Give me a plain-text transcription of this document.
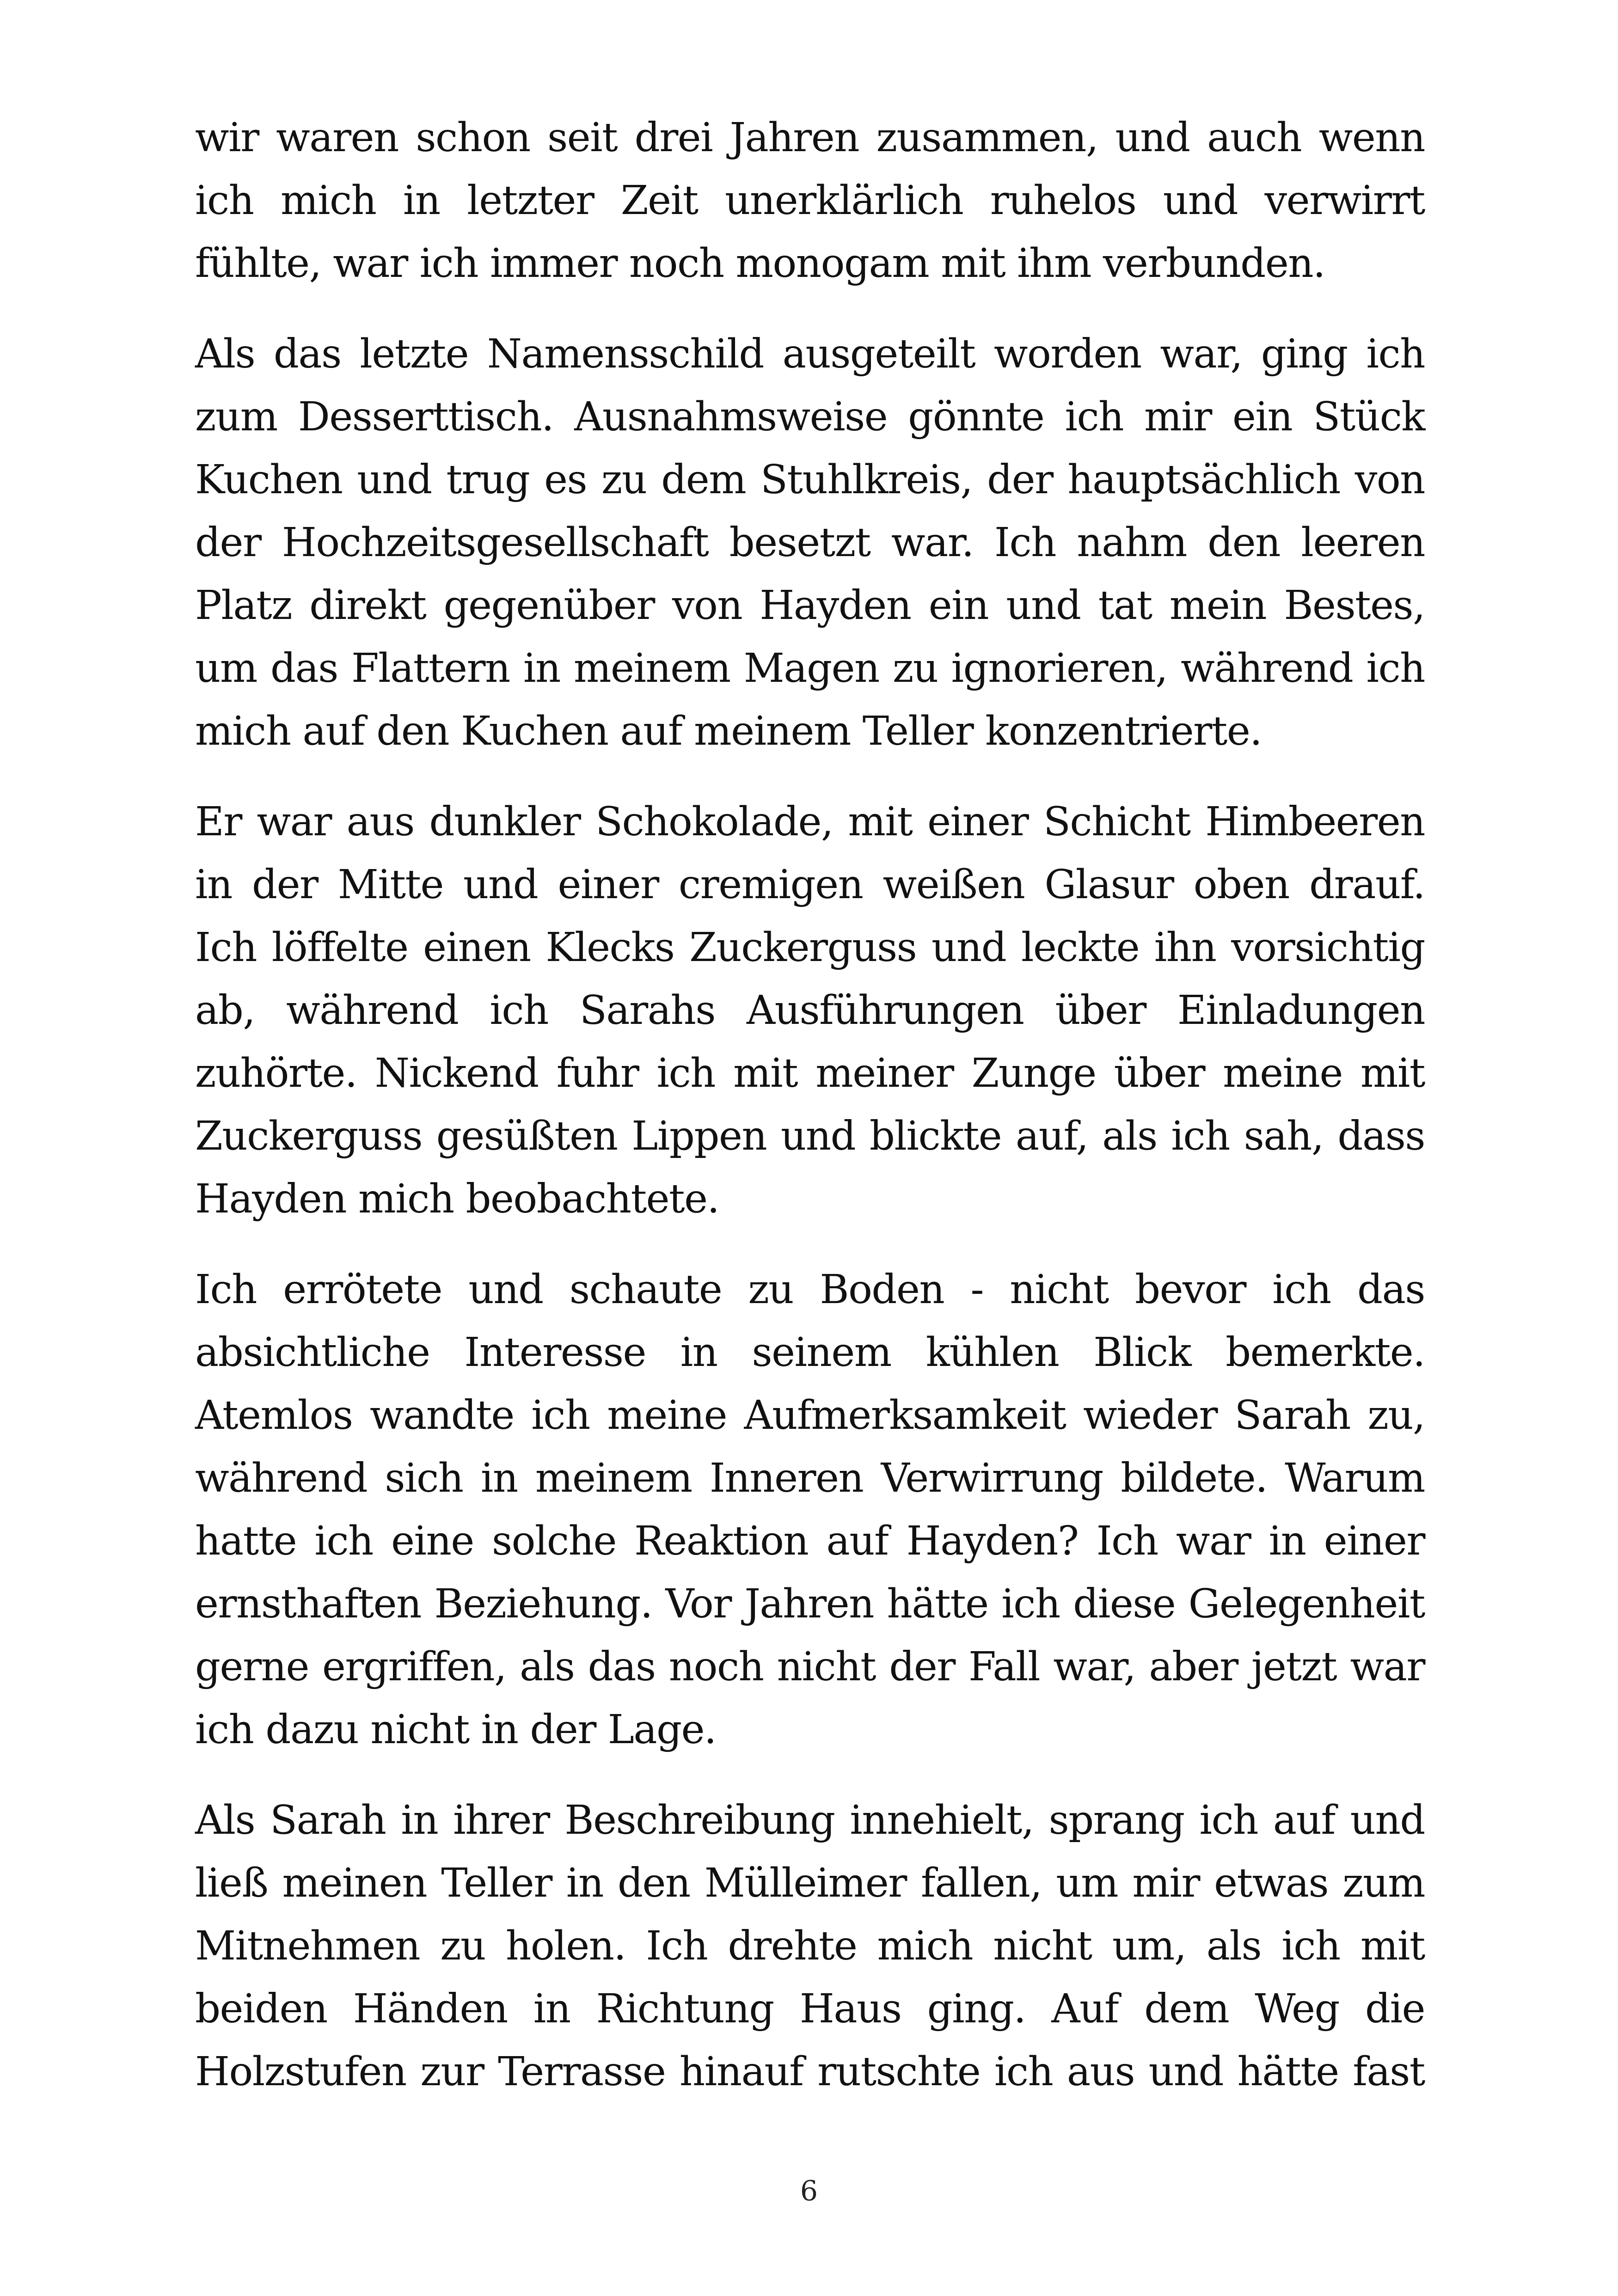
wir waren schon seit drei Jahren zusammen, und auch wenn ich mich in letzter Zeit unerklärlich ruhelos und verwirrt fühlte, war ich immer noch monogam mit ihm verbunden.

Als das letzte Namensschild ausgeteilt worden war, ging ich zum Desserttisch. Ausnahmsweise gönnte ich mir ein Stück Kuchen und trug es zu dem Stuhlkreis, der hauptsächlich von der Hochzeitsgesellschaft besetzt war. Ich nahm den leeren Platz direkt gegenüber von Hayden ein und tat mein Bestes, um das Flattern in meinem Magen zu ignorieren, während ich mich auf den Kuchen auf meinem Teller konzentrierte.

Er war aus dunkler Schokolade, mit einer Schicht Himbeeren in der Mitte und einer cremigen weißen Glasur oben drauf. Ich löffelte einen Klecks Zuckerguss und leckte ihn vorsichtig ab, während ich Sarahs Ausführungen über Einladungen zuhörte. Nickend fuhr ich mit meiner Zunge über meine mit Zuckerguss gesüßten Lippen und blickte auf, als ich sah, dass Hayden mich beobachtete.

Ich errötete und schaute zu Boden - nicht bevor ich das absichtliche Interesse in seinem kühlen Blick bemerkte. Atemlos wandte ich meine Aufmerksamkeit wieder Sarah zu, während sich in meinem Inneren Verwirrung bildete. Warum hatte ich eine solche Reaktion auf Hayden? Ich war in einer ernsthaften Beziehung. Vor Jahren hätte ich diese Gelegenheit gerne ergriffen, als das noch nicht der Fall war, aber jetzt war ich dazu nicht in der Lage.

Als Sarah in ihrer Beschreibung innehielt, sprang ich auf und ließ meinen Teller in den Mülleimer fallen, um mir etwas zum Mitnehmen zu holen. Ich drehte mich nicht um, als ich mit beiden Händen in Richtung Haus ging. Auf dem Weg die Holzstufen zur Terrasse hinauf rutschte ich aus und hätte fast

6
